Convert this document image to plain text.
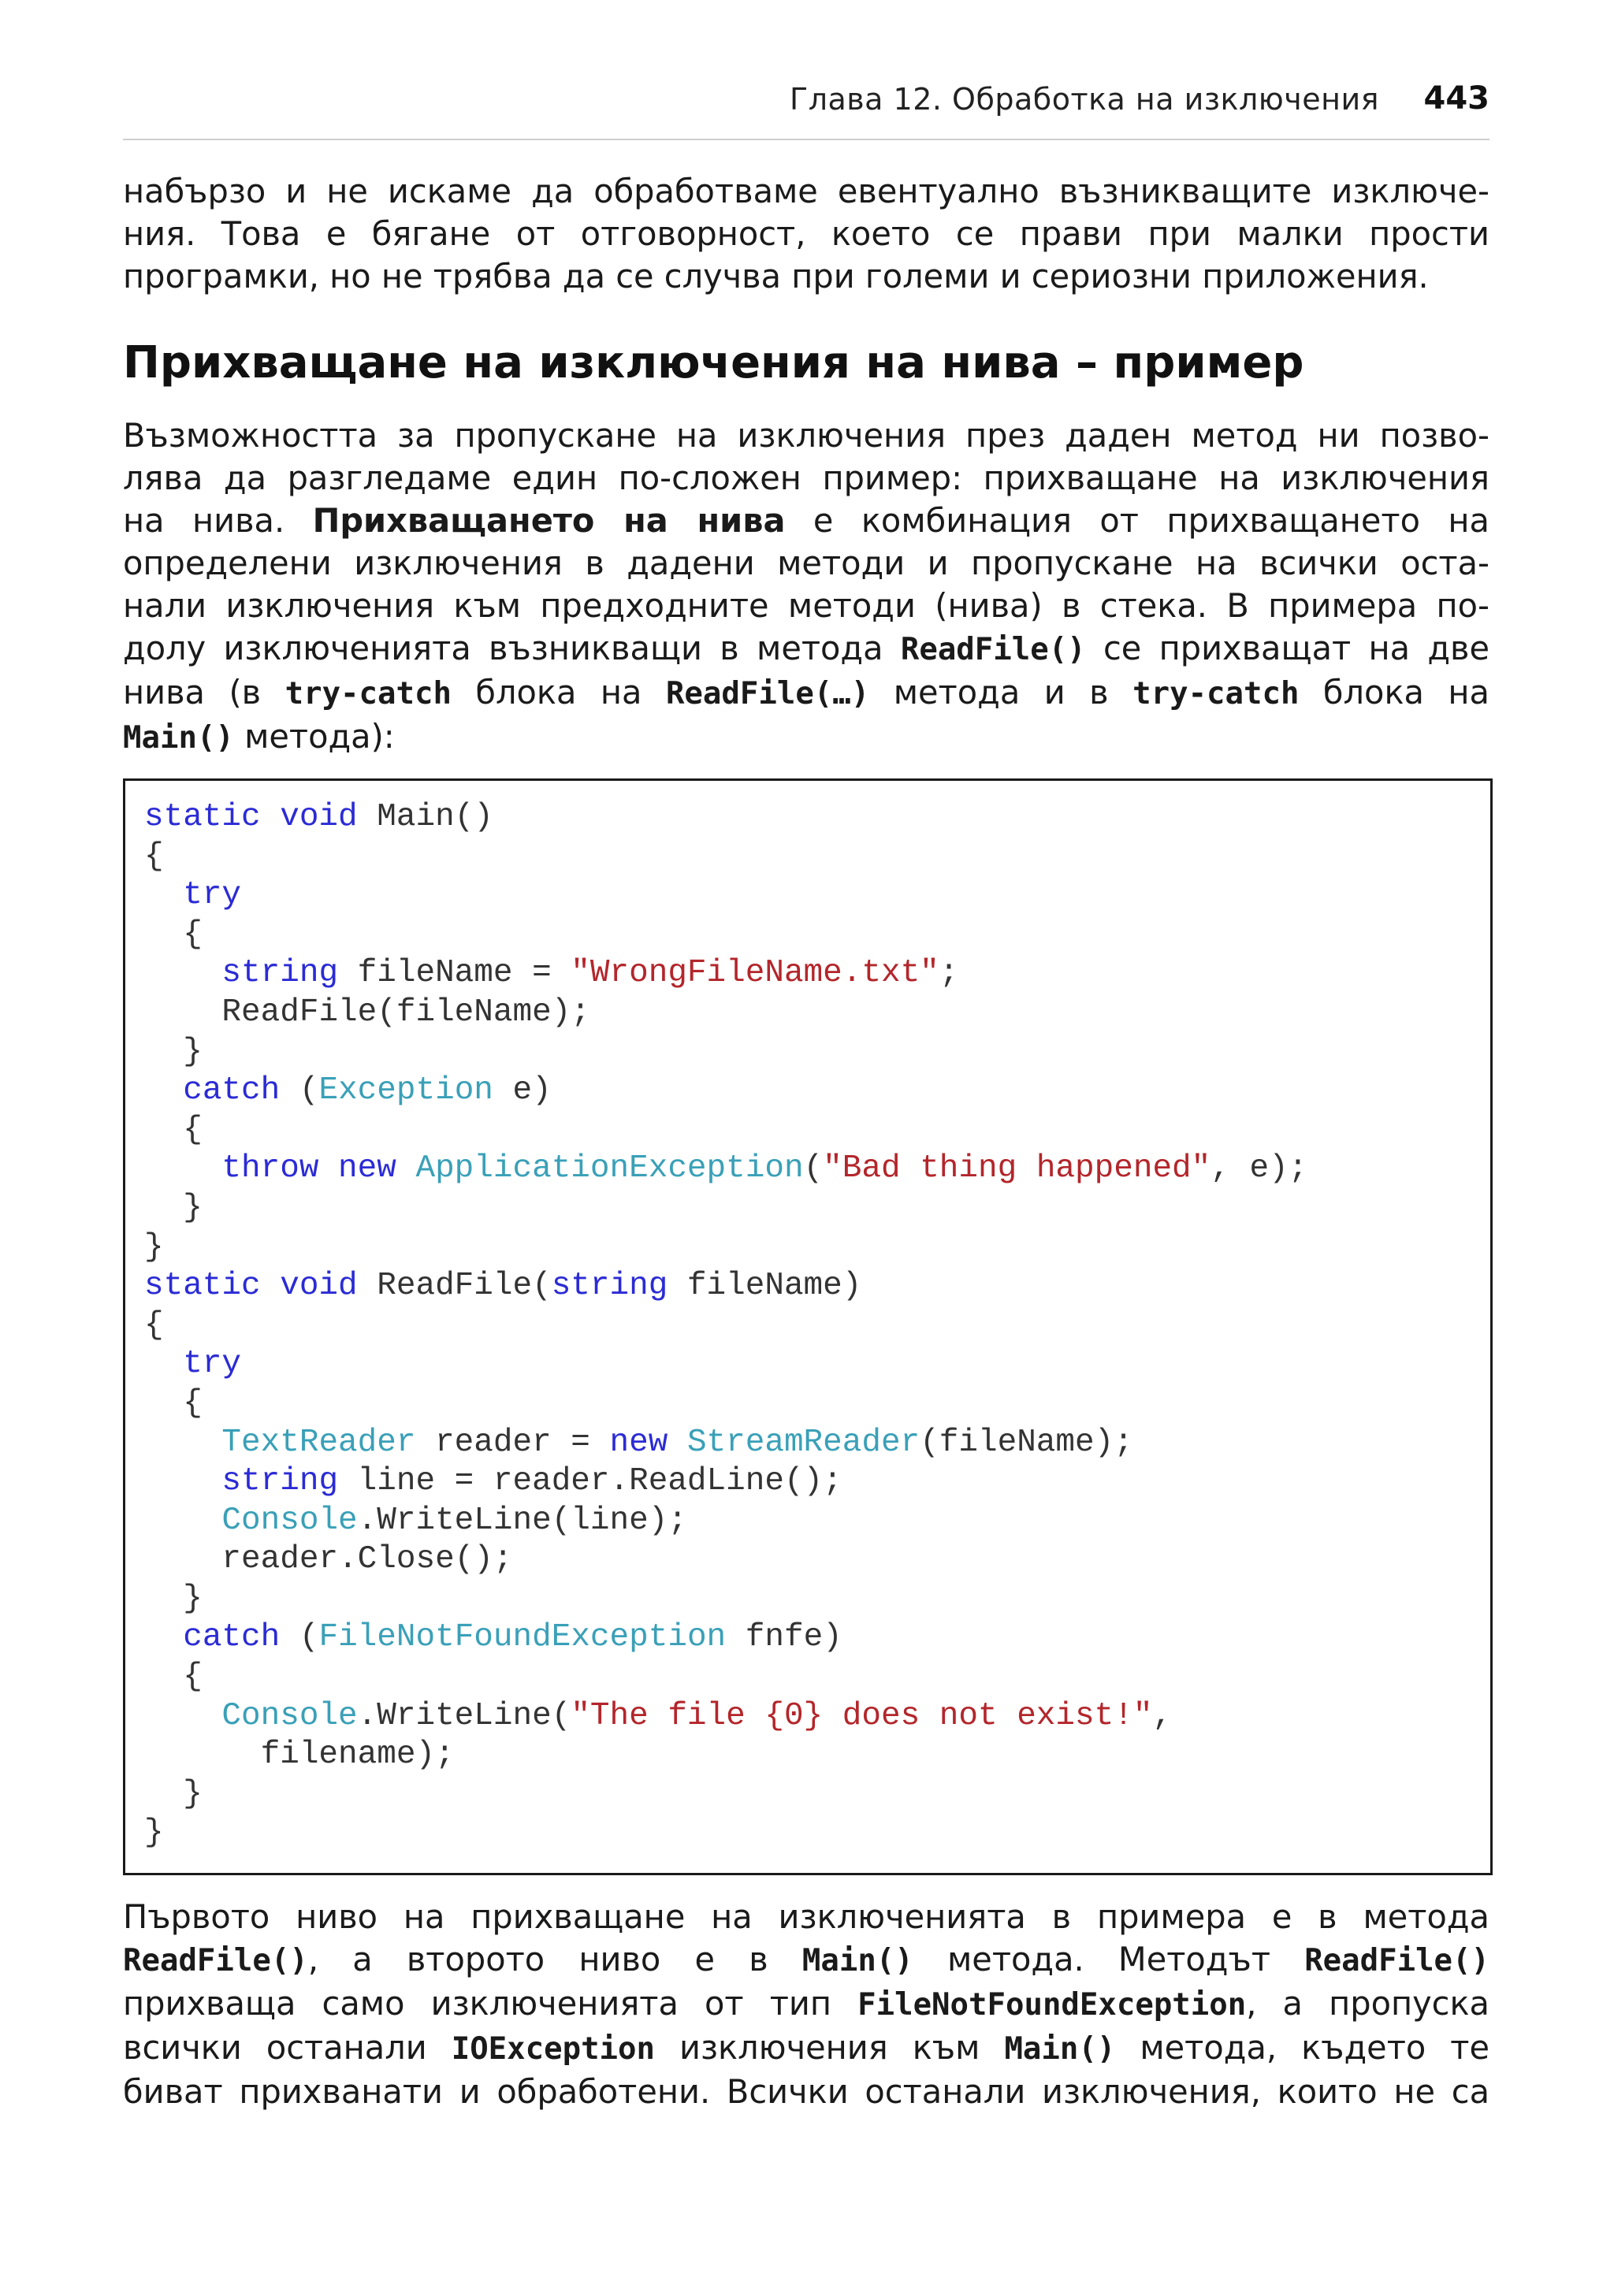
Глава 12. Обработка на изключения 443
набързо и не искаме да обработваме евентуално възникващите изключе-
ния. Това е бягане от отговорност, което се прави при малки прости
програмки, но не трябва да се случва при големи и сериозни приложения.
Прихващане на изключения на нива – пример
Възможността за пропускане на изключения през даден метод ни позво-
лява да разгледаме един по-сложен пример: прихващане на изключения
на нива. Прихващането на нива е комбинация от прихващането на
определени изключения в дадени методи и пропускане на всички оста-
нали изключения към предходните методи (нива) в стека. В примера по-
долу изключенията възникващи в метода ReadFile() се прихващат на две
нива (в try-catch блока на ReadFile(…) метода и в try-catch блока на
Main() метода):
static void Main()
{
try
{
string fileName = "WrongFileName.txt";
ReadFile(fileName);
}
catch (Exception e)
{
throw new ApplicationException("Bad thing happened", e);
}
}
static void ReadFile(string fileName)
{
try
{
TextReader reader = new StreamReader(fileName);
string line = reader.ReadLine();
Console.WriteLine(line);
reader.Close();
}
catch (FileNotFoundException fnfe)
{
Console.WriteLine("The file {0} does not exist!",
filename);
}
}
Първото ниво на прихващане на изключенията в примера е в метода
ReadFile(), а второто ниво е в Main() метода. Методът ReadFile()
прихваща само изключенията от тип FileNotFoundException, а пропуска
всички останали IOException изключения към Main() метода, където те
биват прихванати и обработени. Всички останали изключения, които не са
